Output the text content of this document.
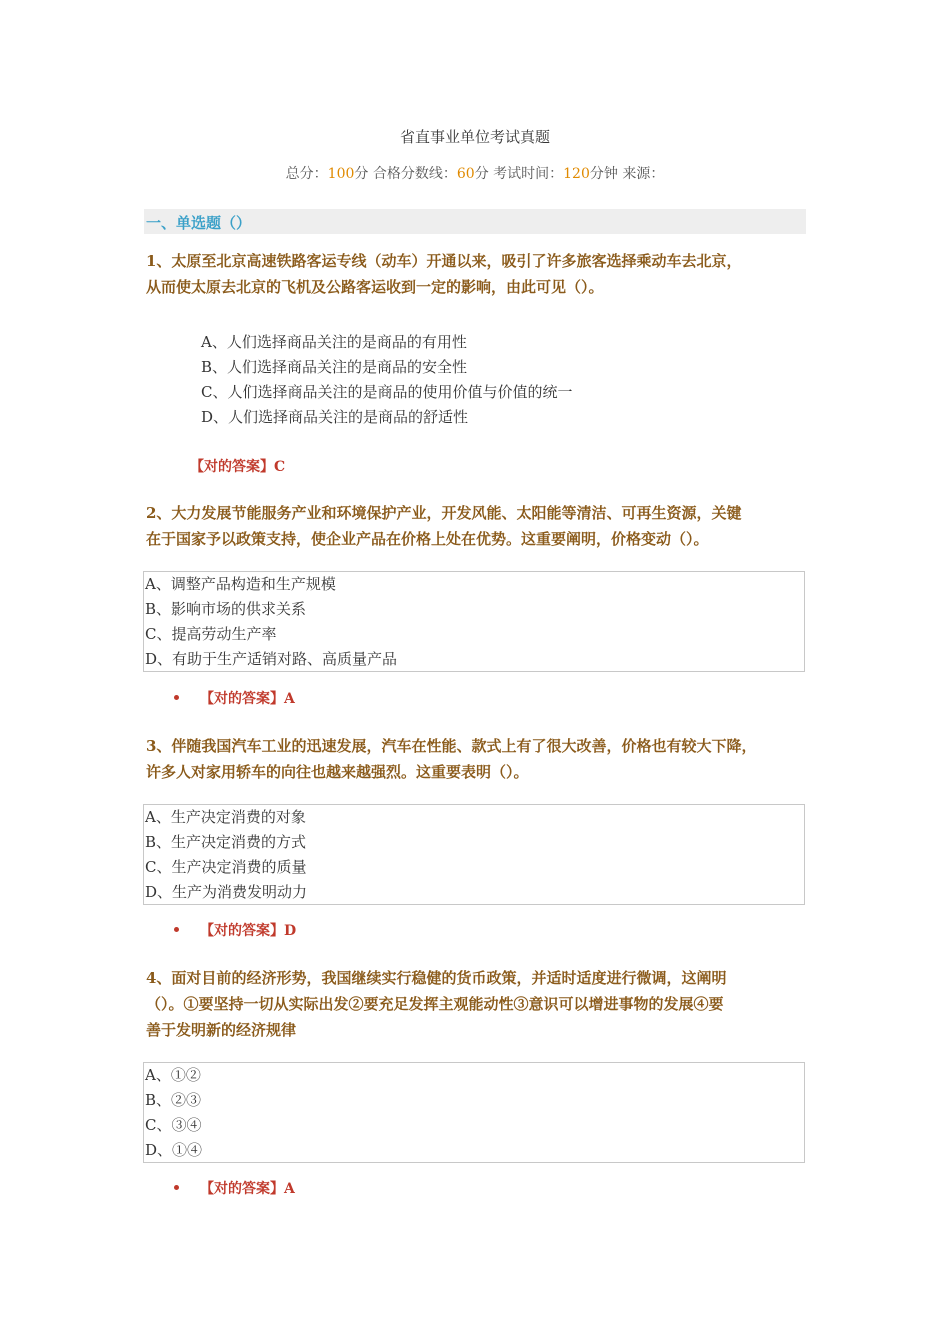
省直事业单位考试真题
总分：100分 合格分数线：60分 考试时间：120分钟 来源：
一、单选题（）
1、太原至北京高速铁路客运专线（动车）开通以来，吸引了许多旅客选择乘动车去北京，
从而使太原去北京的飞机及公路客运收到一定的影响，由此可见（）。
A、人们选择商品关注的是商品的有用性
B、人们选择商品关注的是商品的安全性
C、人们选择商品关注的是商品的使用价值与价值的统一
D、人们选择商品关注的是商品的舒适性
【对的答案】C
2、大力发展节能服务产业和环境保护产业，开发风能、太阳能等清洁、可再生资源，关键
在于国家予以政策支持，使企业产品在价格上处在优势。这重要阐明，价格变动（）。
A、调整产品构造和生产规模
B、影响市场的供求关系
C、提高劳动生产率
D、有助于生产适销对路、高质量产品
【对的答案】A
3、伴随我国汽车工业的迅速发展，汽车在性能、款式上有了很大改善，价格也有较大下降，
许多人对家用轿车的向往也越来越强烈。这重要表明（）。
A、生产决定消费的对象
B、生产决定消费的方式
C、生产决定消费的质量
D、生产为消费发明动力
【对的答案】D
4、面对目前的经济形势，我国继续实行稳健的货币政策，并适时适度进行微调，这阐明
（）。①要坚持一切从实际出发②要充足发挥主观能动性③意识可以增进事物的发展④要
善于发明新的经济规律
A、①②
B、②③
C、③④
D、①④
【对的答案】A
